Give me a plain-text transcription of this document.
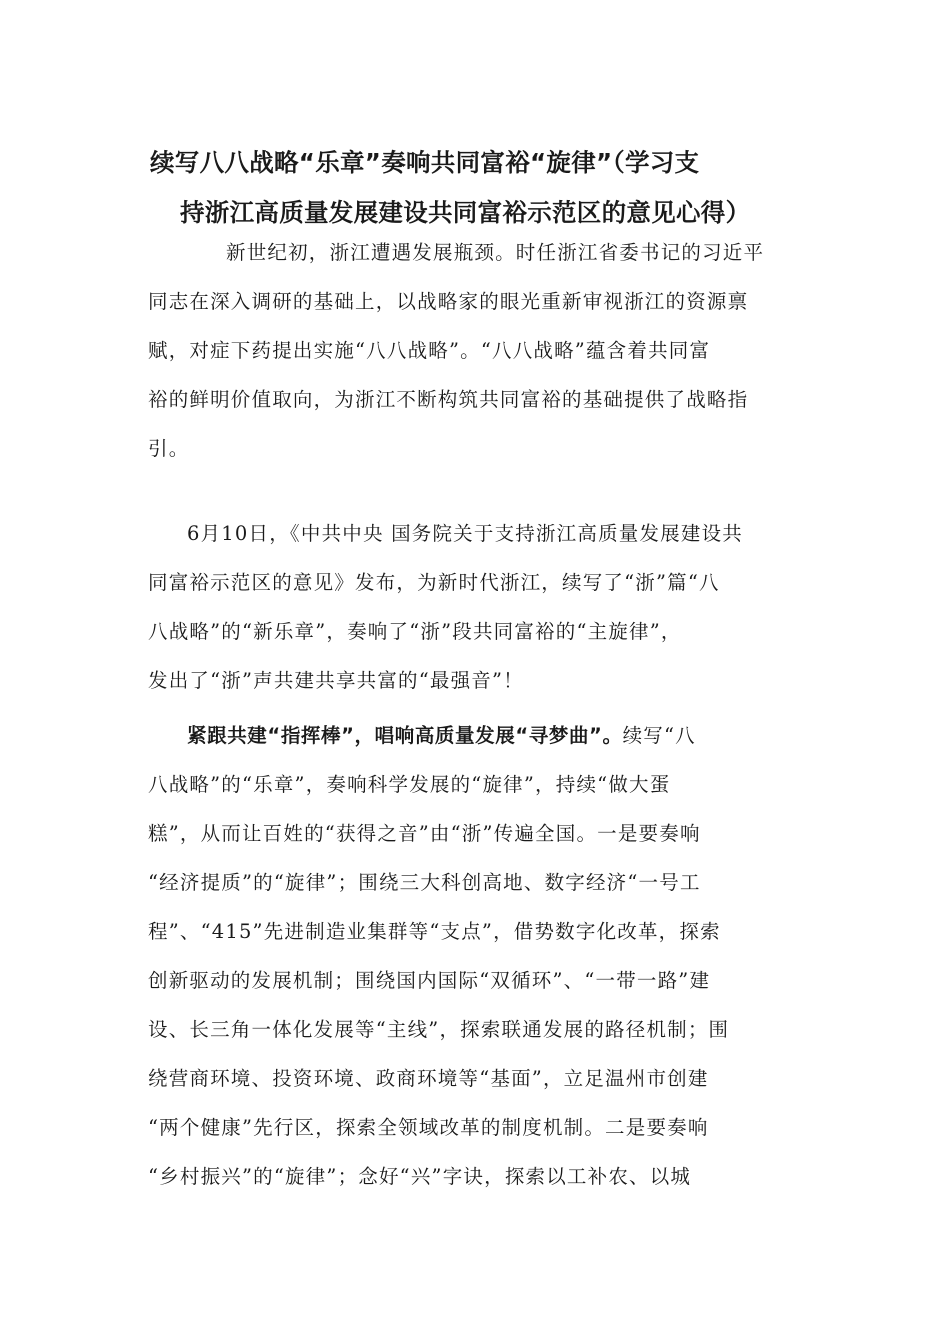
续写八八战略“乐章”奏响共同富裕“旋律”（学习支
持浙江高质量发展建设共同富裕示范区的意见心得）
新世纪初，浙江遭遇发展瓶颈。时任浙江省委书记的习近平
同志在深入调研的基础上，以战略家的眼光重新审视浙江的资源禀
赋，对症下药提出实施“八八战略”。“八八战略”蕴含着共同富
裕的鲜明价值取向，为浙江不断构筑共同富裕的基础提供了战略指
引。
6月10日，《中共中央 国务院关于支持浙江高质量发展建设共
同富裕示范区的意见》发布，为新时代浙江，续写了“浙”篇“八
八战略”的“新乐章”，奏响了“浙”段共同富裕的“主旋律”，
发出了“浙”声共建共享共富的“最强音”！
紧跟共建“指挥棒”，唱响高质量发展“寻梦曲”。续写“八
八战略”的“乐章”，奏响科学发展的“旋律”，持续“做大蛋
糕”，从而让百姓的“获得之音”由“浙”传遍全国。一是要奏响
“经济提质”的“旋律”；围绕三大科创高地、数字经济“一号工
程”、“415”先进制造业集群等“支点”，借势数字化改革，探索
创新驱动的发展机制；围绕国内国际“双循环”、“一带一路”建
设、长三角一体化发展等“主线”，探索联通发展的路径机制；围
绕营商环境、投资环境、政商环境等“基面”，立足温州市创建
“两个健康”先行区，探索全领域改革的制度机制。二是要奏响
“乡村振兴”的“旋律”；念好“兴”字诀，探索以工补农、以城
